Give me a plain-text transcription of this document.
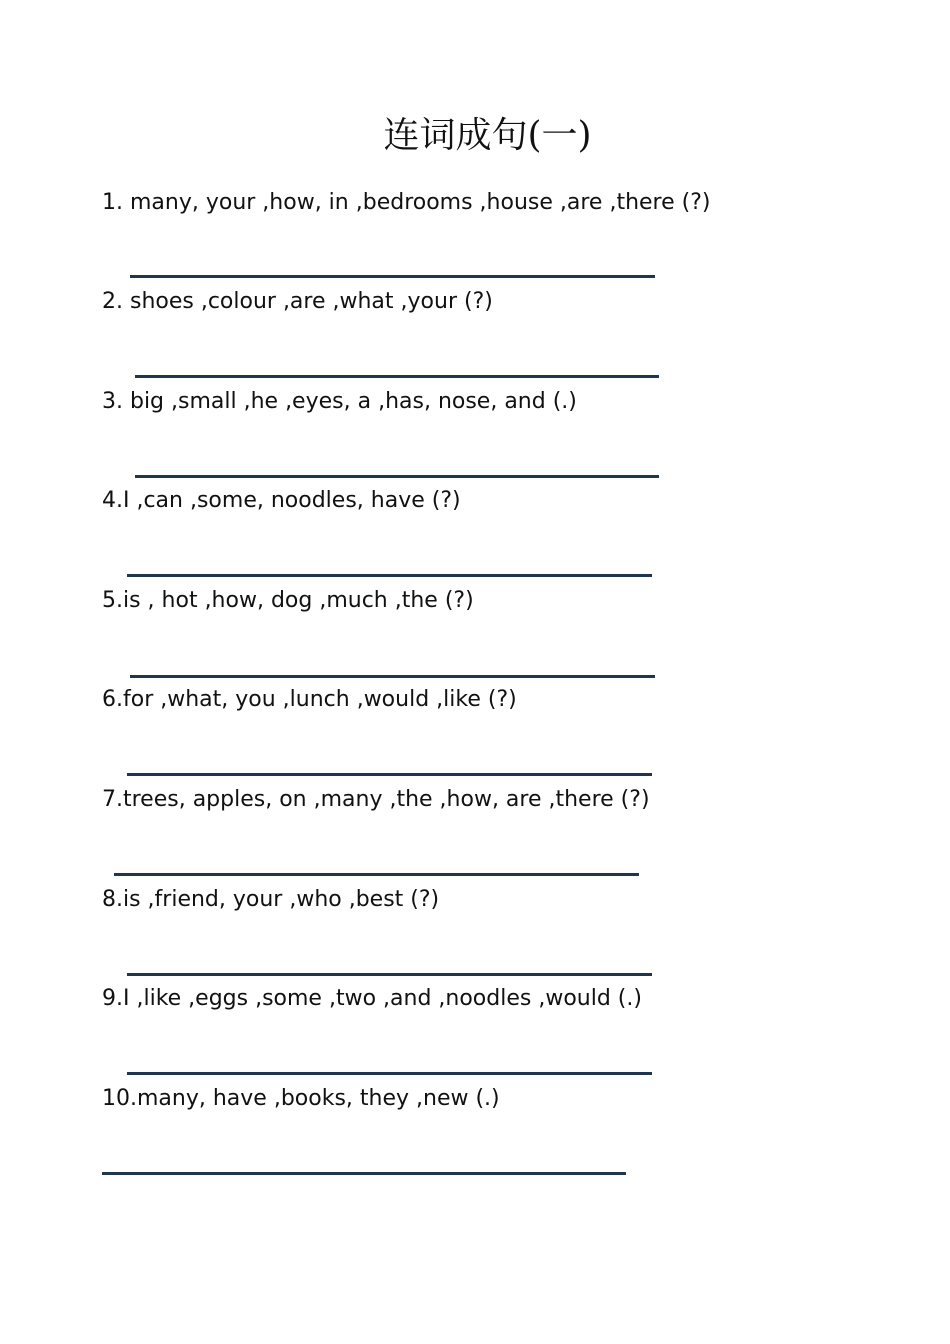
连词成句(一)

1. many, your ,how, in ,bedrooms ,house ,are ,there (?)

2. shoes ,colour ,are ,what ,your (?)

3. big ,small ,he ,eyes, a ,has, nose, and (.)

4.I ,can ,some, noodles, have (?)

5.is , hot ,how, dog ,much ,the (?)

6.for ,what, you ,lunch ,would ,like (?)

7.trees, apples, on ,many ,the ,how, are ,there (?)

8.is ,friend, your ,who ,best (?)

9.I ,like ,eggs ,some ,two ,and ,noodles ,would (.)

10.many, have ,books, they ,new (.)
